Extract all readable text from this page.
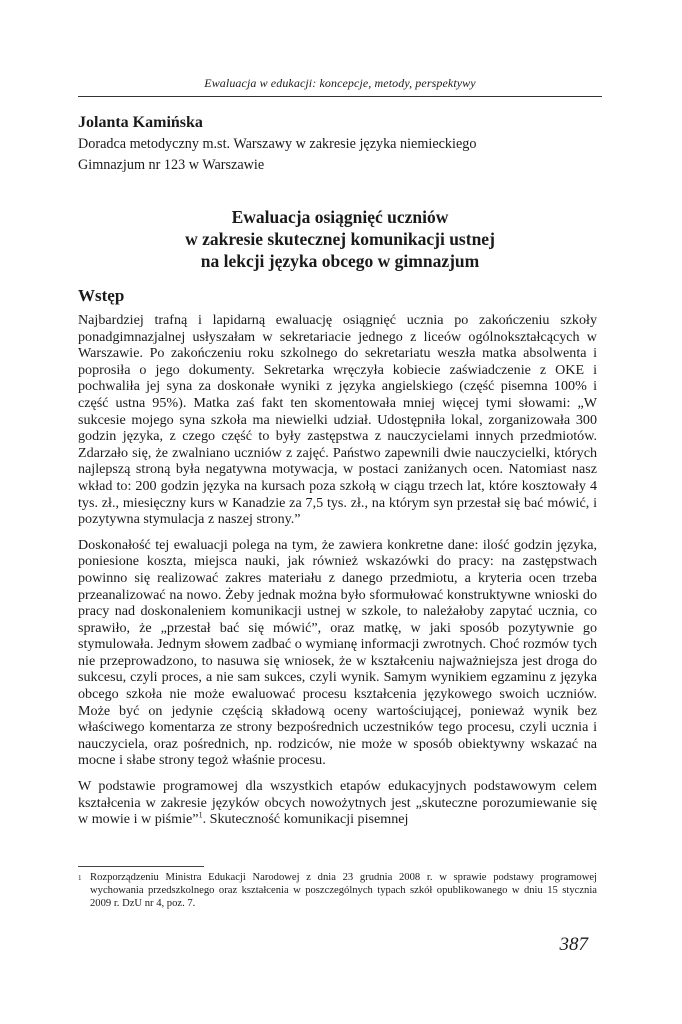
Ewaluacja w edukacji: koncepcje, metody, perspektywy
Jolanta Kamińska
Doradca metodyczny m.st. Warszawy w zakresie języka niemieckiego
Gimnazjum nr 123 w Warszawie
Ewaluacja osiągnięć uczniów
w zakresie skutecznej komunikacji ustnej
na lekcji języka obcego w gimnazjum
Wstęp

Najbardziej trafną i lapidarną ewaluację osiągnięć ucznia po zakończeniu szkoły ponadgimnazjalnej usłyszałam w sekretariacie jednego z liceów ogólnokształcących w Warszawie. Po zakończeniu roku szkolnego do sekretariatu weszła matka absolwenta i poprosiła o jego dokumenty. Sekretarka wręczyła kobiecie zaświadczenie z OKE i pochwaliła jej syna za doskonałe wyniki z języka angielskiego (część pisemna 100% i część ustna 95%). Matka zaś fakt ten skomentowała mniej więcej tymi słowami: „W sukcesie mojego syna szkoła ma niewielki udział. Udostępniła lokal, zorganizowała 300 godzin języka, z czego część to były zastępstwa z nauczycielami innych przedmiotów. Zdarzało się, że zwalniano uczniów z zajęć. Państwo zapewnili dwie nauczycielki, których najlepszą stroną była negatywna motywacja, w postaci zaniżanych ocen. Natomiast nasz wkład to: 200 godzin języka na kursach poza szkołą w ciągu trzech lat, które kosztowały 4 tys. zł., miesięczny kurs w Kanadzie za 7,5 tys. zł., na którym syn przestał się bać mówić, i pozytywna stymulacja z naszej strony.”

Doskonałość tej ewaluacji polega na tym, że zawiera konkretne dane: ilość godzin języka, poniesione koszta, miejsca nauki, jak również wskazówki do pracy: na zastępstwach powinno się realizować zakres materiału z danego przedmiotu, a kryteria ocen trzeba przeanalizować na nowo. Żeby jednak można było sformułować konstruktywne wnioski do pracy nad doskonaleniem komunikacji ustnej w szkole, to należałoby zapytać ucznia, co sprawiło, że „przestał bać się mówić”, oraz matkę, w jaki sposób pozytywnie go stymulowała. Jednym słowem zadbać o wymianę informacji zwrotnych. Choć rozmów tych nie przeprowadzono, to nasuwa się wniosek, że w kształceniu najważniejsza jest droga do sukcesu, czyli proces, a nie sam sukces, czyli wynik. Samym wynikiem egzaminu z języka obcego szkoła nie może ewaluować procesu kształcenia językowego swoich uczniów. Może być on jedynie częścią składową oceny wartościującej, ponieważ wynik bez właściwego komentarza ze strony bezpośrednich uczestników tego procesu, czyli ucznia i nauczyciela, oraz pośrednich, np. rodziców, nie może w sposób obiektywny wskazać na mocne i słabe strony tegoż właśnie procesu.

W podstawie programowej dla wszystkich etapów edukacyjnych podstawowym celem kształcenia w zakresie języków obcych nowożytnych jest „skuteczne porozumiewanie się w mowie i w piśmie”$^1$. Skuteczność komunikacji pisemnej

1 Rozporządzeniu Ministra Edukacji Narodowej z dnia 23 grudnia 2008 r. w sprawie podstawy programowej wychowania przedszkolnego oraz kształcenia w poszczególnych typach szkół opublikowanego w dniu 15 stycznia 2009 r. DzU nr 4, poz. 7.
387
